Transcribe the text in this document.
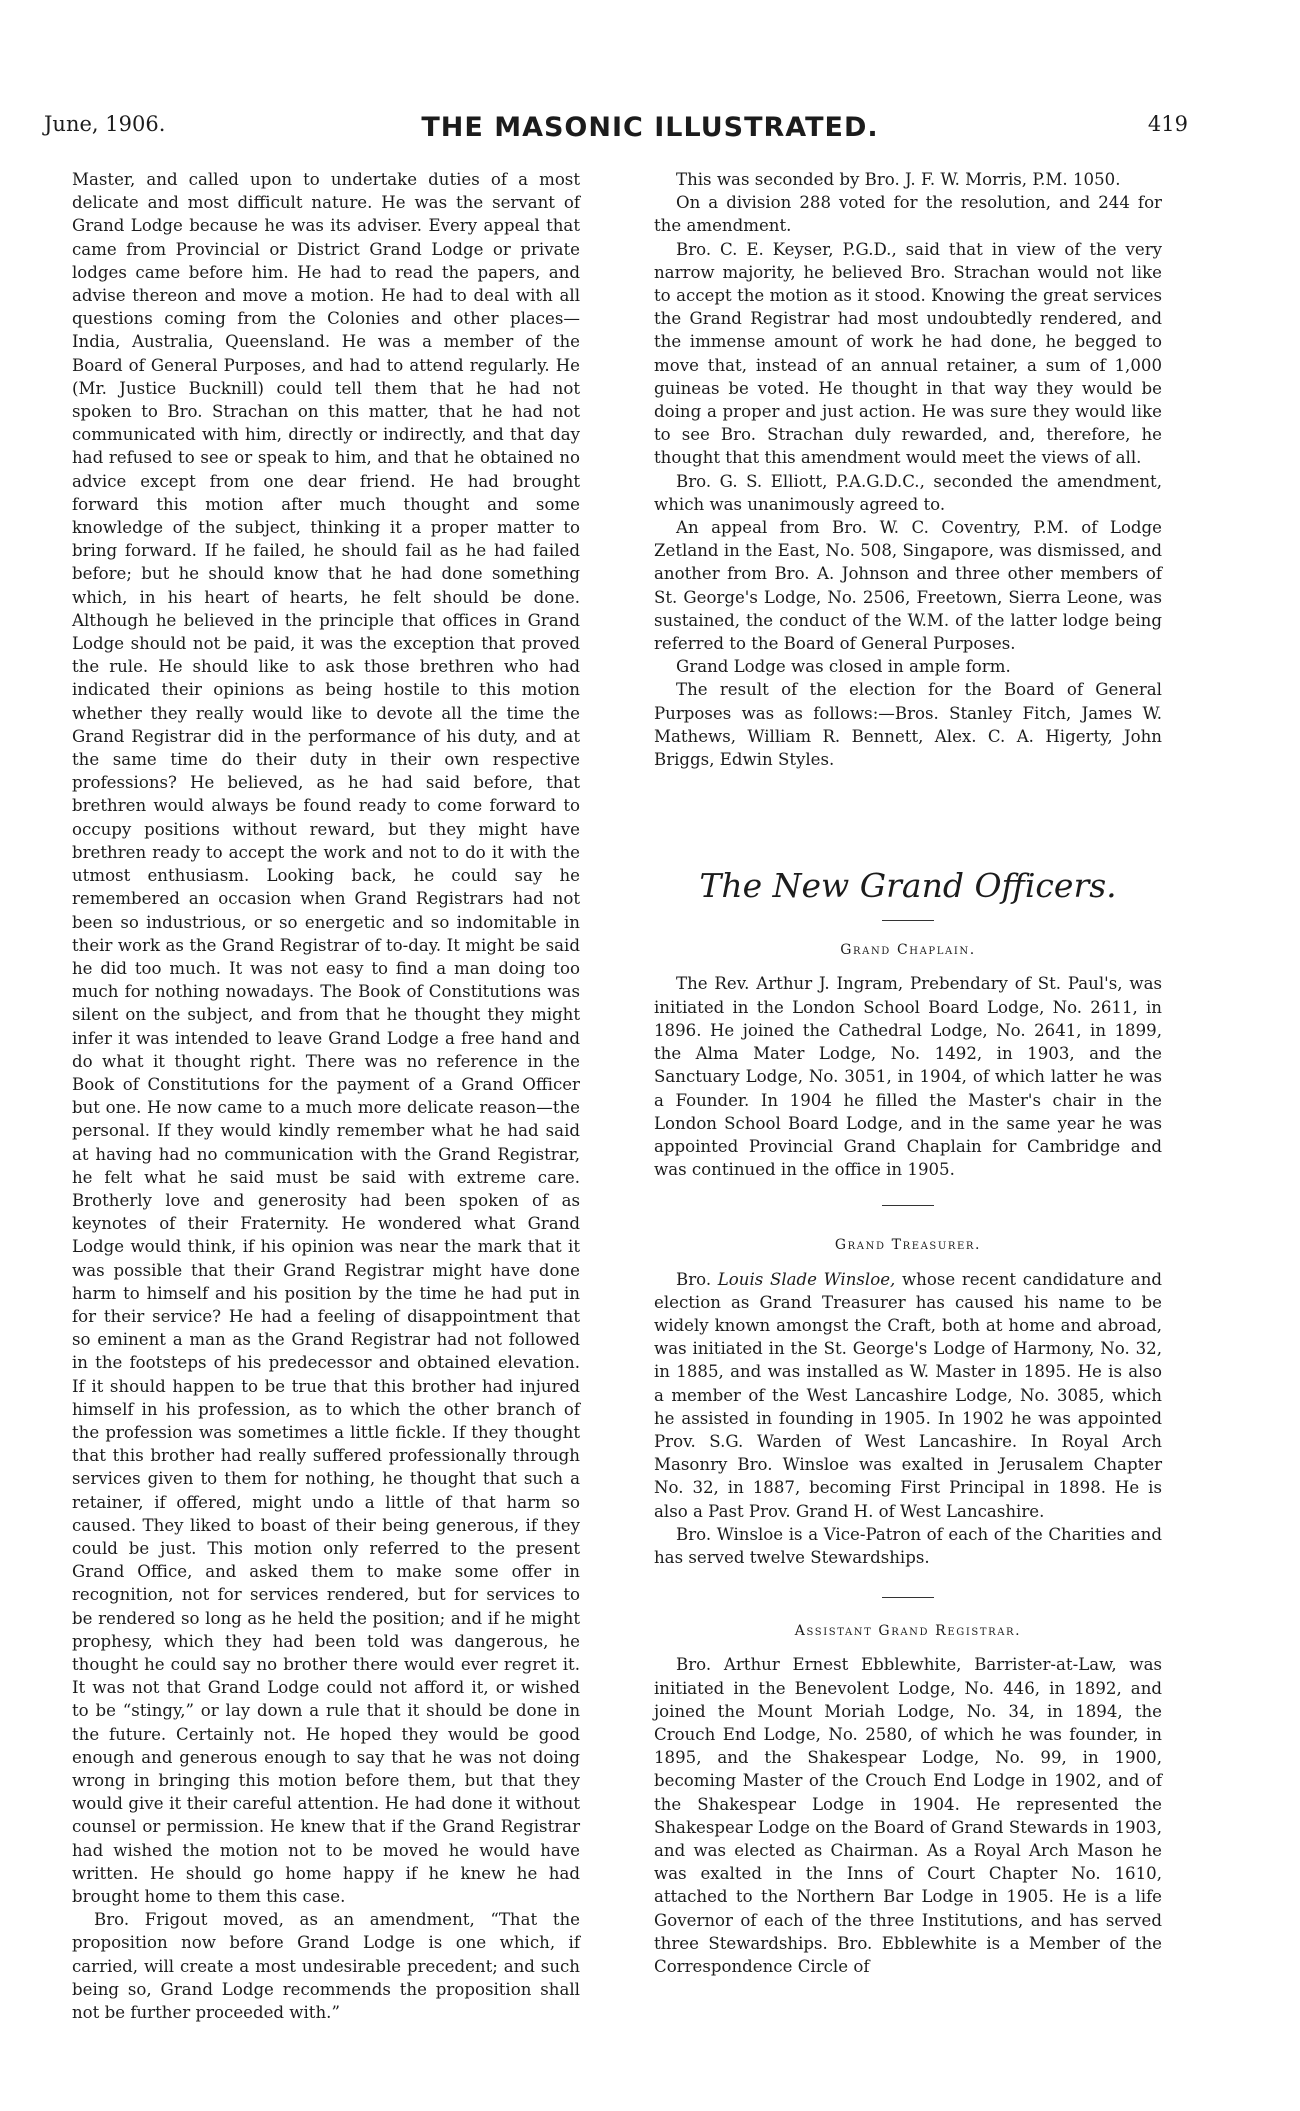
June, 1906.	THE MASONIC ILLUSTRATED.	419

Master, and called upon to undertake duties of a most delicate and most difficult nature. He was the servant of Grand Lodge because he was its adviser. Every appeal that came from Provincial or District Grand Lodge or private lodges came before him. He had to read the papers, and advise thereon and move a motion. He had to deal with all questions coming from the Colonies and other places—India, Australia, Queensland. He was a member of the Board of General Purposes, and had to attend regularly. He (Mr. Justice Bucknill) could tell them that he had not spoken to Bro. Strachan on this matter, that he had not communicated with him, directly or indirectly, and that day had refused to see or speak to him, and that he obtained no advice except from one dear friend. He had brought forward this motion after much thought and some knowledge of the subject, thinking it a proper matter to bring forward. If he failed, he should fail as he had failed before; but he should know that he had done something which, in his heart of hearts, he felt should be done. Although he believed in the principle that offices in Grand Lodge should not be paid, it was the exception that proved the rule. He should like to ask those brethren who had indicated their opinions as being hostile to this motion whether they really would like to devote all the time the Grand Registrar did in the performance of his duty, and at the same time do their duty in their own respective professions? He believed, as he had said before, that brethren would always be found ready to come forward to occupy positions without reward, but they might have brethren ready to accept the work and not to do it with the utmost enthusiasm. Looking back, he could say he remembered an occasion when Grand Registrars had not been so industrious, or so energetic and so indomitable in their work as the Grand Registrar of to-day. It might be said he did too much. It was not easy to find a man doing too much for nothing nowadays. The Book of Constitutions was silent on the subject, and from that he thought they might infer it was intended to leave Grand Lodge a free hand and do what it thought right. There was no reference in the Book of Constitutions for the payment of a Grand Officer but one. He now came to a much more delicate reason—the personal. If they would kindly remember what he had said at having had no communication with the Grand Registrar, he felt what he said must be said with extreme care. Brotherly love and generosity had been spoken of as keynotes of their Fraternity. He wondered what Grand Lodge would think, if his opinion was near the mark that it was possible that their Grand Registrar might have done harm to himself and his position by the time he had put in for their service? He had a feeling of disappointment that so eminent a man as the Grand Registrar had not followed in the footsteps of his predecessor and obtained elevation. If it should happen to be true that this brother had injured himself in his profession, as to which the other branch of the profession was sometimes a little fickle. If they thought that this brother had really suffered professionally through services given to them for nothing, he thought that such a retainer, if offered, might undo a little of that harm so caused. They liked to boast of their being generous, if they could be just. This motion only referred to the present Grand Office, and asked them to make some offer in recognition, not for services rendered, but for services to be rendered so long as he held the position; and if he might prophesy, which they had been told was dangerous, he thought he could say no brother there would ever regret it. It was not that Grand Lodge could not afford it, or wished to be “stingy,” or lay down a rule that it should be done in the future. Certainly not. He hoped they would be good enough and generous enough to say that he was not doing wrong in bringing this motion before them, but that they would give it their careful attention. He had done it without counsel or permission. He knew that if the Grand Registrar had wished the motion not to be moved he would have written. He should go home happy if he knew he had brought home to them this case.

Bro. Frigout moved, as an amendment, “That the proposition now before Grand Lodge is one which, if carried, will create a most undesirable precedent; and such being so, Grand Lodge recommends the proposition shall not be further proceeded with.”

This was seconded by Bro. J. F. W. Morris, P.M. 1050.

On a division 288 voted for the resolution, and 244 for the amendment.

Bro. C. E. Keyser, P.G.D., said that in view of the very narrow majority, he believed Bro. Strachan would not like to accept the motion as it stood. Knowing the great services the Grand Registrar had most undoubtedly rendered, and the immense amount of work he had done, he begged to move that, instead of an annual retainer, a sum of 1,000 guineas be voted. He thought in that way they would be doing a proper and just action. He was sure they would like to see Bro. Strachan duly rewarded, and, therefore, he thought that this amendment would meet the views of all.

Bro. G. S. Elliott, P.A.G.D.C., seconded the amendment, which was unanimously agreed to.

An appeal from Bro. W. C. Coventry, P.M. of Lodge Zetland in the East, No. 508, Singapore, was dismissed, and another from Bro. A. Johnson and three other members of St. George's Lodge, No. 2506, Freetown, Sierra Leone, was sustained, the conduct of the W.M. of the latter lodge being referred to the Board of General Purposes.

Grand Lodge was closed in ample form.

The result of the election for the Board of General Purposes was as follows:—Bros. Stanley Fitch, James W. Mathews, William R. Bennett, Alex. C. A. Higerty, John Briggs, Edwin Styles.

The New Grand Officers.
Grand Chaplain.

The Rev. Arthur J. Ingram, Prebendary of St. Paul's, was initiated in the London School Board Lodge, No. 2611, in 1896. He joined the Cathedral Lodge, No. 2641, in 1899, the Alma Mater Lodge, No. 1492, in 1903, and the Sanctuary Lodge, No. 3051, in 1904, of which latter he was a Founder. In 1904 he filled the Master's chair in the London School Board Lodge, and in the same year he was appointed Provincial Grand Chaplain for Cambridge and was continued in the office in 1905.

Grand Treasurer.

Bro. Louis Slade Winsloe, whose recent candidature and election as Grand Treasurer has caused his name to be widely known amongst the Craft, both at home and abroad, was initiated in the St. George's Lodge of Harmony, No. 32, in 1885, and was installed as W. Master in 1895. He is also a member of the West Lancashire Lodge, No. 3085, which he assisted in founding in 1905. In 1902 he was appointed Prov. S.G. Warden of West Lancashire. In Royal Arch Masonry Bro. Winsloe was exalted in Jerusalem Chapter No. 32, in 1887, becoming First Principal in 1898. He is also a Past Prov. Grand H. of West Lancashire.

Bro. Winsloe is a Vice-Patron of each of the Charities and has served twelve Stewardships.

Assistant Grand Registrar.

Bro. Arthur Ernest Ebblewhite, Barrister-at-Law, was initiated in the Benevolent Lodge, No. 446, in 1892, and joined the Mount Moriah Lodge, No. 34, in 1894, the Crouch End Lodge, No. 2580, of which he was founder, in 1895, and the Shakespear Lodge, No. 99, in 1900, becoming Master of the Crouch End Lodge in 1902, and of the Shakespear Lodge in 1904. He represented the Shakespear Lodge on the Board of Grand Stewards in 1903, and was elected as Chairman. As a Royal Arch Mason he was exalted in the Inns of Court Chapter No. 1610, attached to the Northern Bar Lodge in 1905. He is a life Governor of each of the three Institutions, and has served three Stewardships. Bro. Ebblewhite is a Member of the Correspondence Circle of
